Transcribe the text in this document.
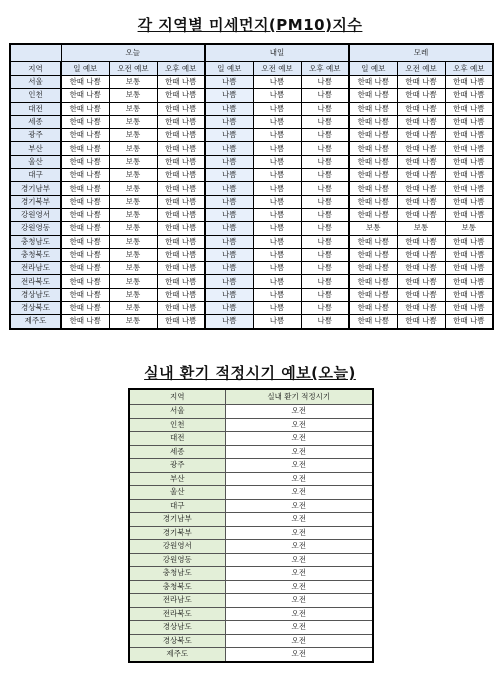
각 지역별 미세먼지(PM10)지수
	오늘			내일			모레		
지역	일 예보	오전 예보	오후 예보	일 예보	오전 예보	오후 예보	일 예보	오전 예보	오후 예보
서울	한때 나쁨	보통	한때 나쁨	나쁨	나쁨	나쁨	한때 나쁨	한때 나쁨	한때 나쁨
인천	한때 나쁨	보통	한때 나쁨	나쁨	나쁨	나쁨	한때 나쁨	한때 나쁨	한때 나쁨
대전	한때 나쁨	보통	한때 나쁨	나쁨	나쁨	나쁨	한때 나쁨	한때 나쁨	한때 나쁨
세종	한때 나쁨	보통	한때 나쁨	나쁨	나쁨	나쁨	한때 나쁨	한때 나쁨	한때 나쁨
광주	한때 나쁨	보통	한때 나쁨	나쁨	나쁨	나쁨	한때 나쁨	한때 나쁨	한때 나쁨
부산	한때 나쁨	보통	한때 나쁨	나쁨	나쁨	나쁨	한때 나쁨	한때 나쁨	한때 나쁨
울산	한때 나쁨	보통	한때 나쁨	나쁨	나쁨	나쁨	한때 나쁨	한때 나쁨	한때 나쁨
대구	한때 나쁨	보통	한때 나쁨	나쁨	나쁨	나쁨	한때 나쁨	한때 나쁨	한때 나쁨
경기남부	한때 나쁨	보통	한때 나쁨	나쁨	나쁨	나쁨	한때 나쁨	한때 나쁨	한때 나쁨
경기북부	한때 나쁨	보통	한때 나쁨	나쁨	나쁨	나쁨	한때 나쁨	한때 나쁨	한때 나쁨
강원영서	한때 나쁨	보통	한때 나쁨	나쁨	나쁨	나쁨	한때 나쁨	한때 나쁨	한때 나쁨
강원영동	한때 나쁨	보통	한때 나쁨	나쁨	나쁨	나쁨	보통	보통	보통
충청남도	한때 나쁨	보통	한때 나쁨	나쁨	나쁨	나쁨	한때 나쁨	한때 나쁨	한때 나쁨
충청북도	한때 나쁨	보통	한때 나쁨	나쁨	나쁨	나쁨	한때 나쁨	한때 나쁨	한때 나쁨
전라남도	한때 나쁨	보통	한때 나쁨	나쁨	나쁨	나쁨	한때 나쁨	한때 나쁨	한때 나쁨
전라북도	한때 나쁨	보통	한때 나쁨	나쁨	나쁨	나쁨	한때 나쁨	한때 나쁨	한때 나쁨
경상남도	한때 나쁨	보통	한때 나쁨	나쁨	나쁨	나쁨	한때 나쁨	한때 나쁨	한때 나쁨
경상북도	한때 나쁨	보통	한때 나쁨	나쁨	나쁨	나쁨	한때 나쁨	한때 나쁨	한때 나쁨
제주도	한때 나쁨	보통	한때 나쁨	나쁨	나쁨	나쁨	한때 나쁨	한때 나쁨	한때 나쁨
실내 환기 적정시기 예보(오늘)
지역	실내 환기 적정시기
서울	오전
인천	오전
대전	오전
세종	오전
광주	오전
부산	오전
울산	오전
대구	오전
경기남부	오전
경기북부	오전
강원영서	오전
강원영동	오전
충청남도	오전
충청북도	오전
전라남도	오전
전라북도	오전
경상남도	오전
경상북도	오전
제주도	오전
